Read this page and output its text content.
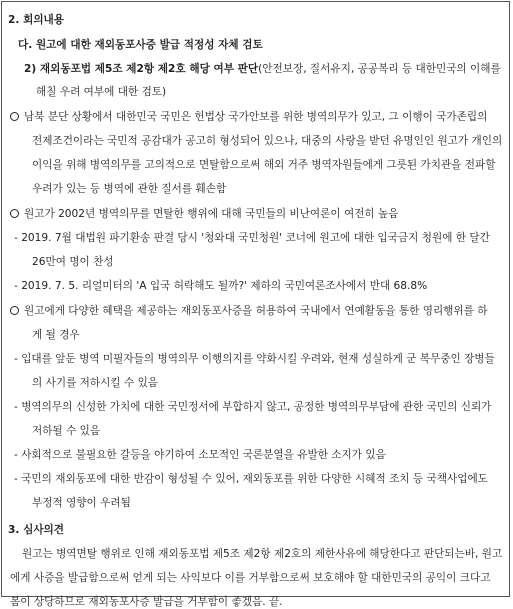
2. 회의내용
다. 원고에 대한 재외동포사증 발급 적정성 자체 검토
2) 재외동포법 제5조 제2항 제2호 해당 여부 판단(안전보장, 질서유지, 공공복리 등 대한민국의 이해를
해칠 우려 여부에 대한 검토)
남북 분단 상황에서 대한민국 국민은 헌법상 국가안보를 위한 병역의무가 있고, 그 이행이 국가존립의
전제조건이라는 국민적 공감대가 공고히 형성되어 있으나, 대중의 사랑을 받던 유명인인 원고가 개인의
이익을 위해 병역의무를 고의적으로 면탈함으로써 해외 거주 병역자원들에게 그릇된 가치관을 전파할
우려가 있는 등 병역에 관한 질서를 훼손함
원고가 2002년 병역의무를 면탈한 행위에 대해 국민들의 비난여론이 여전히 높음
- 2019. 7월 대법원 파기환송 판결 당시 '청와대 국민청원' 코너에 원고에 대한 입국금지 청원에 한 달간
26만여 명이 찬성
- 2019. 7. 5. 리얼미터의 'A 입국 허락해도 될까?' 제하의 국민여론조사에서 반대 68.8%
원고에게 다양한 혜택을 제공하는 재외동포사증을 허용하여 국내에서 연예활동을 통한 영리행위를 하
게 될 경우
- 입대를 앞둔 병역 미필자들의 병역의무 이행의지를 약화시킬 우려와, 현재 성실하게 군 복무중인 장병들
의 사기를 저하시킬 수 있음
- 병역의무의 신성한 가치에 대한 국민정서에 부합하지 않고, 공정한 병역의무부담에 관한 국민의 신뢰가
저하될 수 있음
- 사회적으로 불필요한 갈등을 야기하여 소모적인 국론분열을 유발한 소지가 있음
- 국민의 재외동포에 대한 반감이 형성될 수 있어, 재외동포를 위한 다양한 시혜적 조치 등 국책사업에도
부정적 영향이 우려됨
3. 심사의견
원고는 병역면탈 행위로 인해 재외동포법 제5조 제2항 제2호의 제한사유에 해당한다고 판단되는바, 원고
에게 사증을 발급함으로써 얻게 되는 사익보다 이를 거부함으로써 보호해야 할 대한민국의 공익이 크다고
봄이 상당하므로 재외동포사증 발급을 거부함이 좋겠음. 끝.
